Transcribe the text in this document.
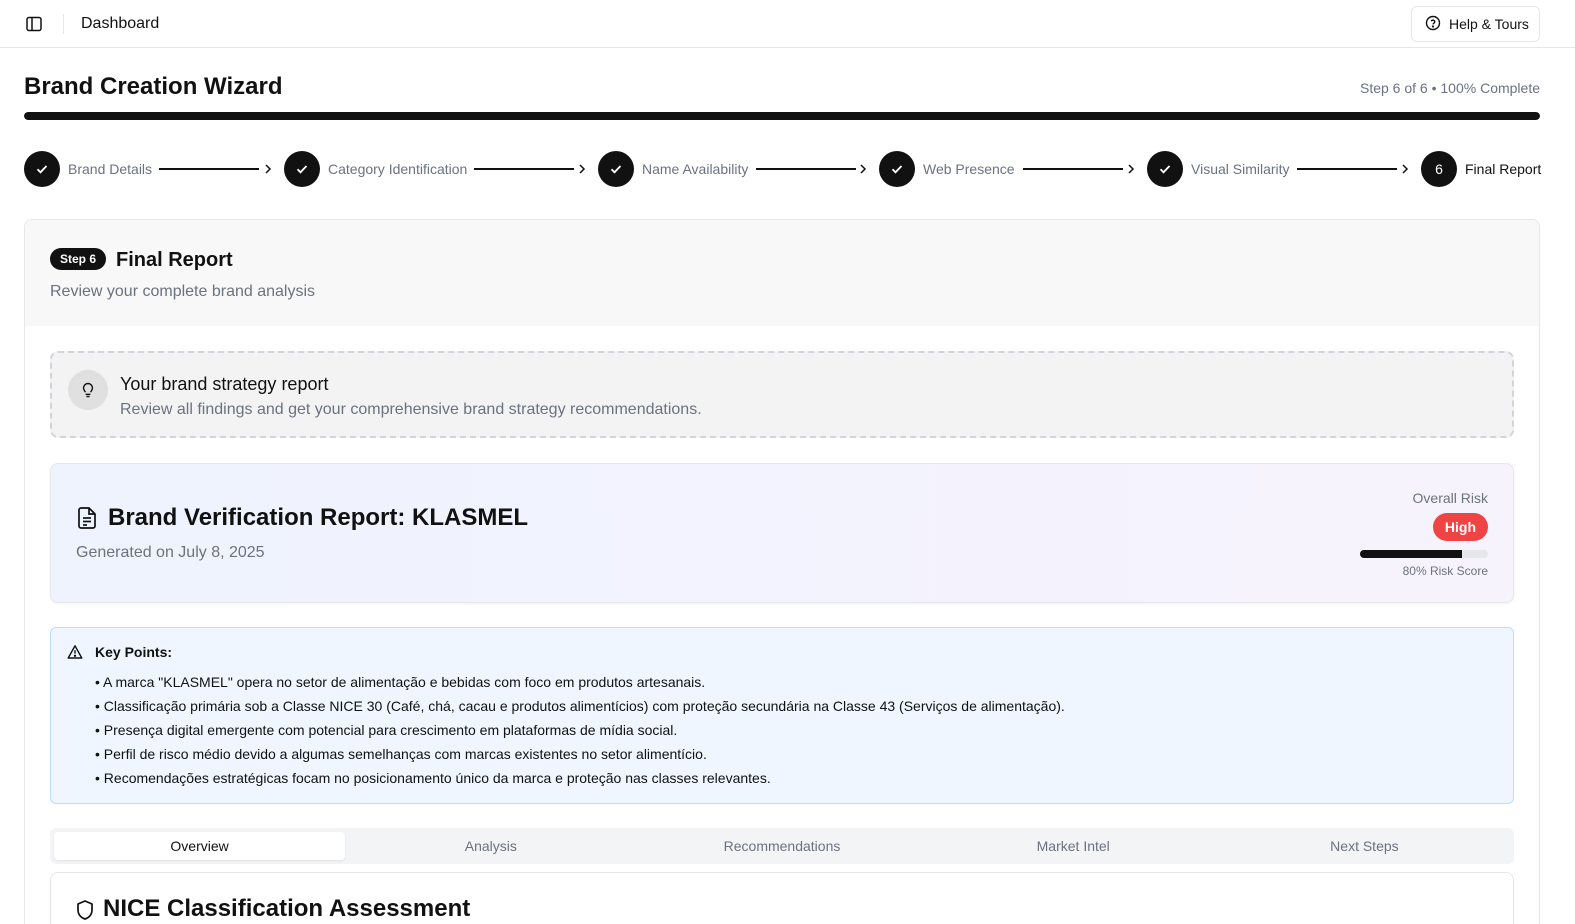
Dashboard	Help & Tours
Brand Creation Wizard	Step 6 of 6 • 100% Complete
Brand Details	Category Identification	Name Availability	Web Presence	Visual Similarity	6	Final Report
Step 6 Final Report
Review your complete brand analysis
Your brand strategy report
Review all findings and get your comprehensive brand strategy recommendations.
Brand Verification Report: KLASMEL
Generated on July 8, 2025
Overall Risk
High
80% Risk Score
Key Points:
• A marca "KLASMEL" opera no setor de alimentação e bebidas com foco em produtos artesanais.
• Classificação primária sob a Classe NICE 30 (Café, chá, cacau e produtos alimentícios) com proteção secundária na Classe 43 (Serviços de alimentação).
• Presença digital emergente com potencial para crescimento em plataformas de mídia social.
• Perfil de risco médio devido a algumas semelhanças com marcas existentes no setor alimentício.
• Recomendações estratégicas focam no posicionamento único da marca e proteção nas classes relevantes.
Overview	Analysis	Recommendations	Market Intel	Next Steps
NICE Classification Assessment
